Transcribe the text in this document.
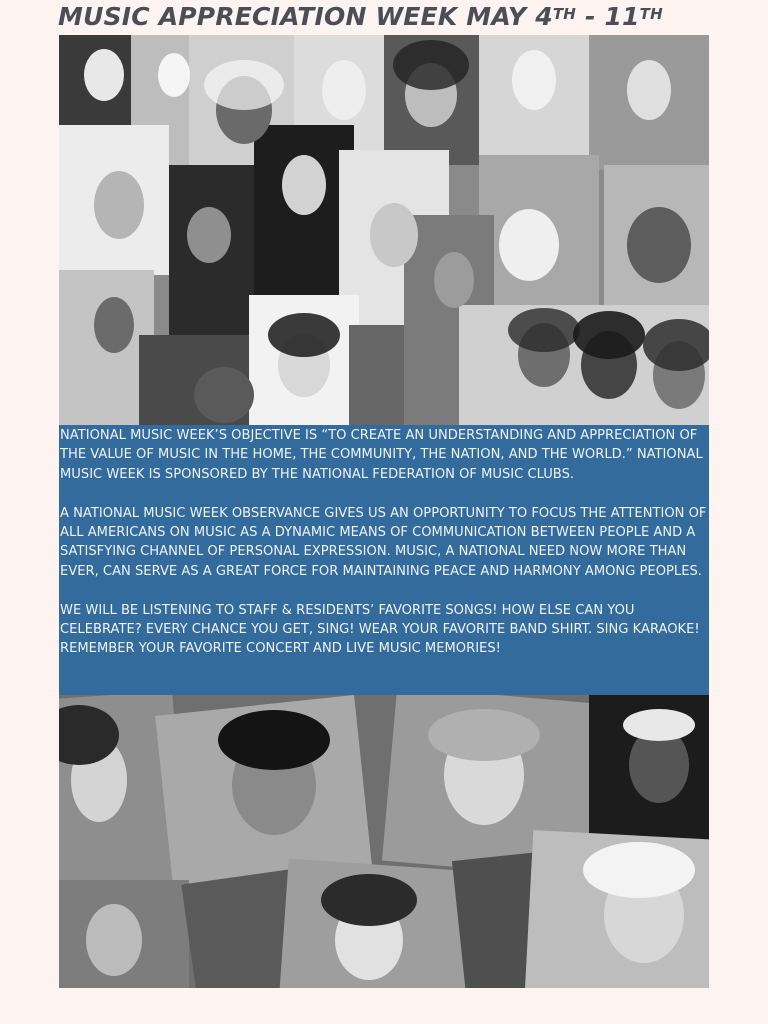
MUSIC APPRECIATION WEEK MAY 4TH - 11TH

NATIONAL MUSIC WEEK’S OBJECTIVE IS “TO CREATE AN UNDERSTANDING AND APPRECIATION OF THE VALUE OF MUSIC IN THE HOME, THE COMMUNITY, THE NATION, AND THE WORLD.” NATIONAL MUSIC WEEK IS SPONSORED BY THE NATIONAL FEDERATION OF MUSIC CLUBS.

A NATIONAL MUSIC WEEK OBSERVANCE GIVES US AN OPPORTUNITY TO FOCUS THE ATTENTION OF ALL AMERICANS ON MUSIC AS A DYNAMIC MEANS OF COMMUNICATION BETWEEN PEOPLE AND A SATISFYING CHANNEL OF PERSONAL EXPRESSION. MUSIC, A NATIONAL NEED NOW MORE THAN EVER, CAN SERVE AS A GREAT FORCE FOR MAINTAINING PEACE AND HARMONY AMONG PEOPLES.

WE WILL BE LISTENING TO STAFF & RESIDENTS’ FAVORITE SONGS! HOW ELSE CAN YOU CELEBRATE? EVERY CHANCE YOU GET, SING! WEAR YOUR FAVORITE BAND SHIRT. SING KARAOKE! REMEMBER YOUR FAVORITE CONCERT AND LIVE MUSIC MEMORIES!
